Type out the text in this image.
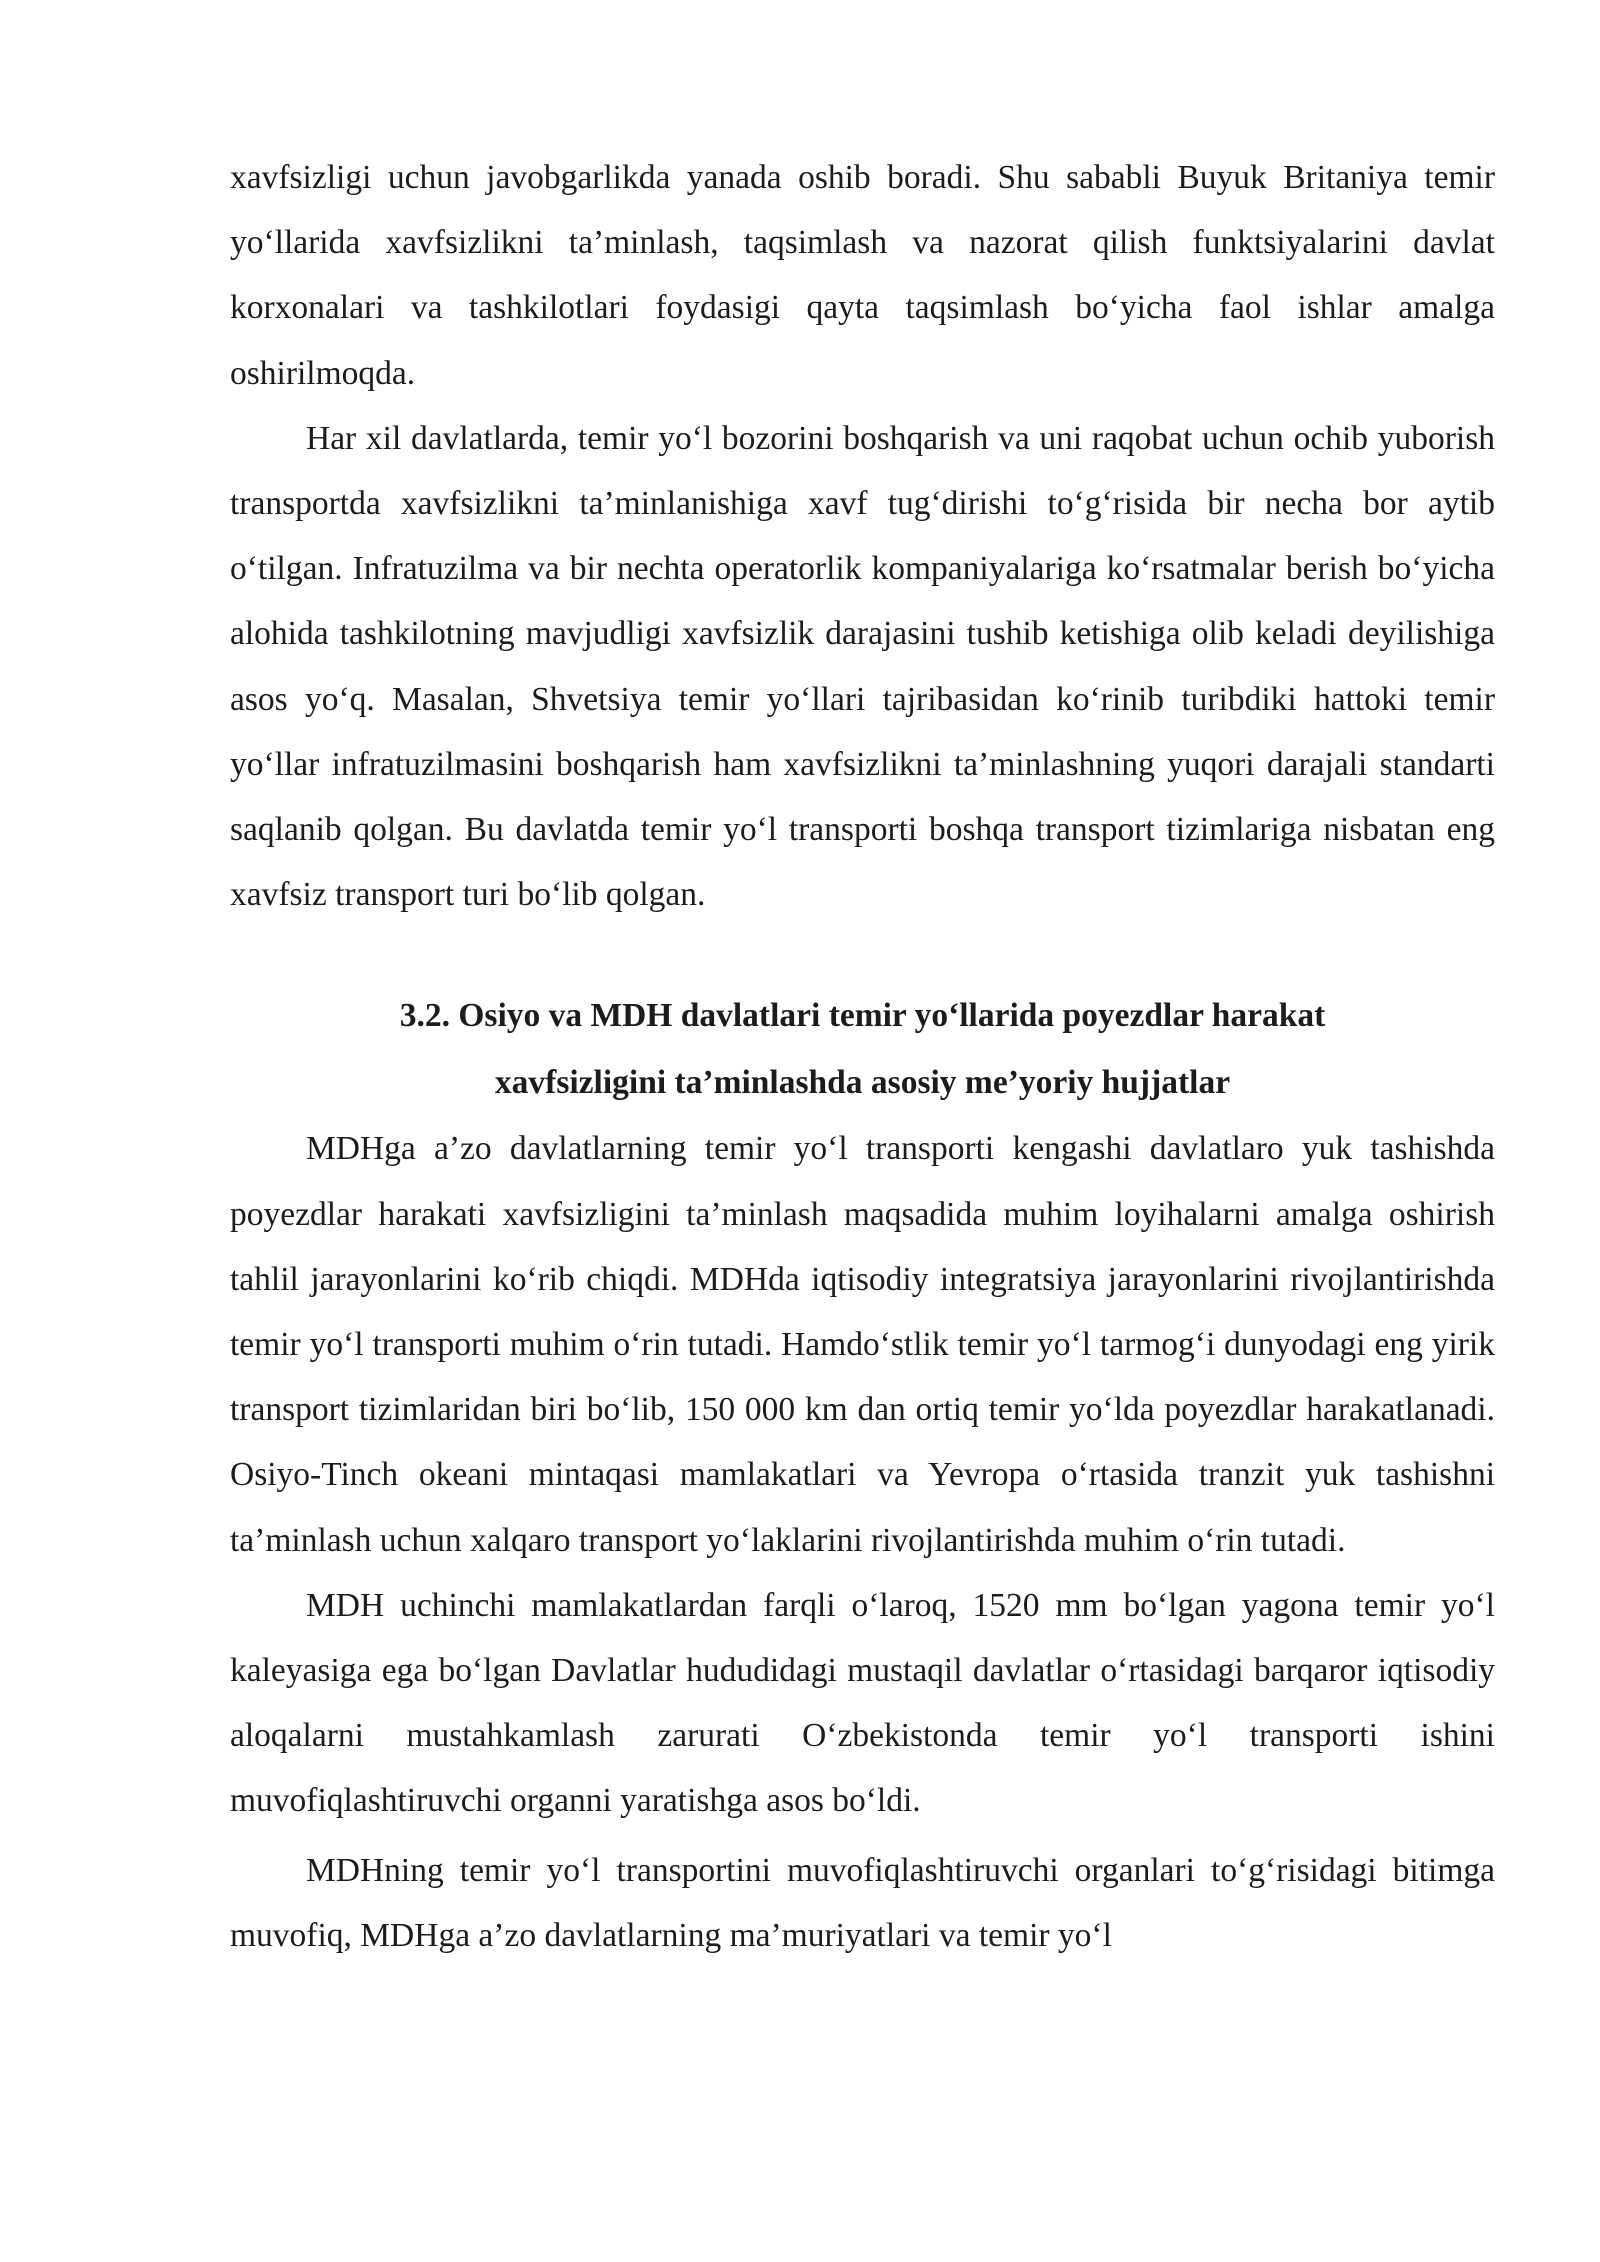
xavfsizligi uchun javobgarlikda yanada oshib boradi. Shu sababli Buyuk Britaniya temir yo‘llarida xavfsizlikni ta’minlash, taqsimlash va nazorat qilish funktsiyalarini davlat korxonalari va tashkilotlari foydasigi qayta taqsimlash bo‘yicha faol ishlar amalga oshirilmoqda.

Har xil davlatlarda, temir yo‘l bozorini boshqarish va uni raqobat uchun ochib yuborish transportda xavfsizlikni ta’minlanishiga xavf tug‘dirishi to‘g‘risida bir necha bor aytib o‘tilgan. Infratuzilma va bir nechta operatorlik kompaniyalariga ko‘rsatmalar berish bo‘yicha alohida tashkilotning mavjudligi xavfsizlik darajasini tushib ketishiga olib keladi deyilishiga asos yo‘q. Masalan, Shvetsiya temir yo‘llari tajribasidan ko‘rinib turibdiki hattoki temir yo‘llar infratuzilmasini boshqarish ham xavfsizlikni ta’minlashning yuqori darajali standarti saqlanib qolgan. Bu davlatda temir yo‘l transporti boshqa transport tizimlariga nisbatan eng xavfsiz transport turi bo‘lib qolgan.

3.2. Osiyo va MDH davlatlari temir yo‘llarida poyezdlar harakat
xavfsizligini ta’minlashda asosiy me’yoriy hujjatlar

MDHga a’zo davlatlarning temir yo‘l transporti kengashi davlatlaro yuk tashishda poyezdlar harakati xavfsizligini ta’minlash maqsadida muhim loyihalarni amalga oshirish tahlil jarayonlarini ko‘rib chiqdi. MDHda iqtisodiy integratsiya jarayonlarini rivojlantirishda temir yo‘l transporti muhim o‘rin tutadi. Hamdo‘stlik temir yo‘l tarmog‘i dunyodagi eng yirik transport tizimlaridan biri bo‘lib, 150 000 km dan ortiq temir yo‘lda poyezdlar harakatlanadi. Osiyo-Tinch okeani mintaqasi mamlakatlari va Yevropa o‘rtasida tranzit yuk tashishni ta’minlash uchun xalqaro transport yo‘laklarini rivojlantirishda muhim o‘rin tutadi.

MDH uchinchi mamlakatlardan farqli o‘laroq, 1520 mm bo‘lgan yagona temir yo‘l kaleyasiga ega bo‘lgan Davlatlar hududidagi mustaqil davlatlar o‘rtasidagi barqaror iqtisodiy aloqalarni mustahkamlash zarurati O‘zbekistonda temir yo‘l transporti ishini muvofiqlashtiruvchi organni yaratishga asos bo‘ldi.

MDHning temir yo‘l transportini muvofiqlashtiruvchi organlari to‘g‘risidagi bitimga muvofiq, MDHga a’zo davlatlarning ma’muriyatlari va temir yo‘l
